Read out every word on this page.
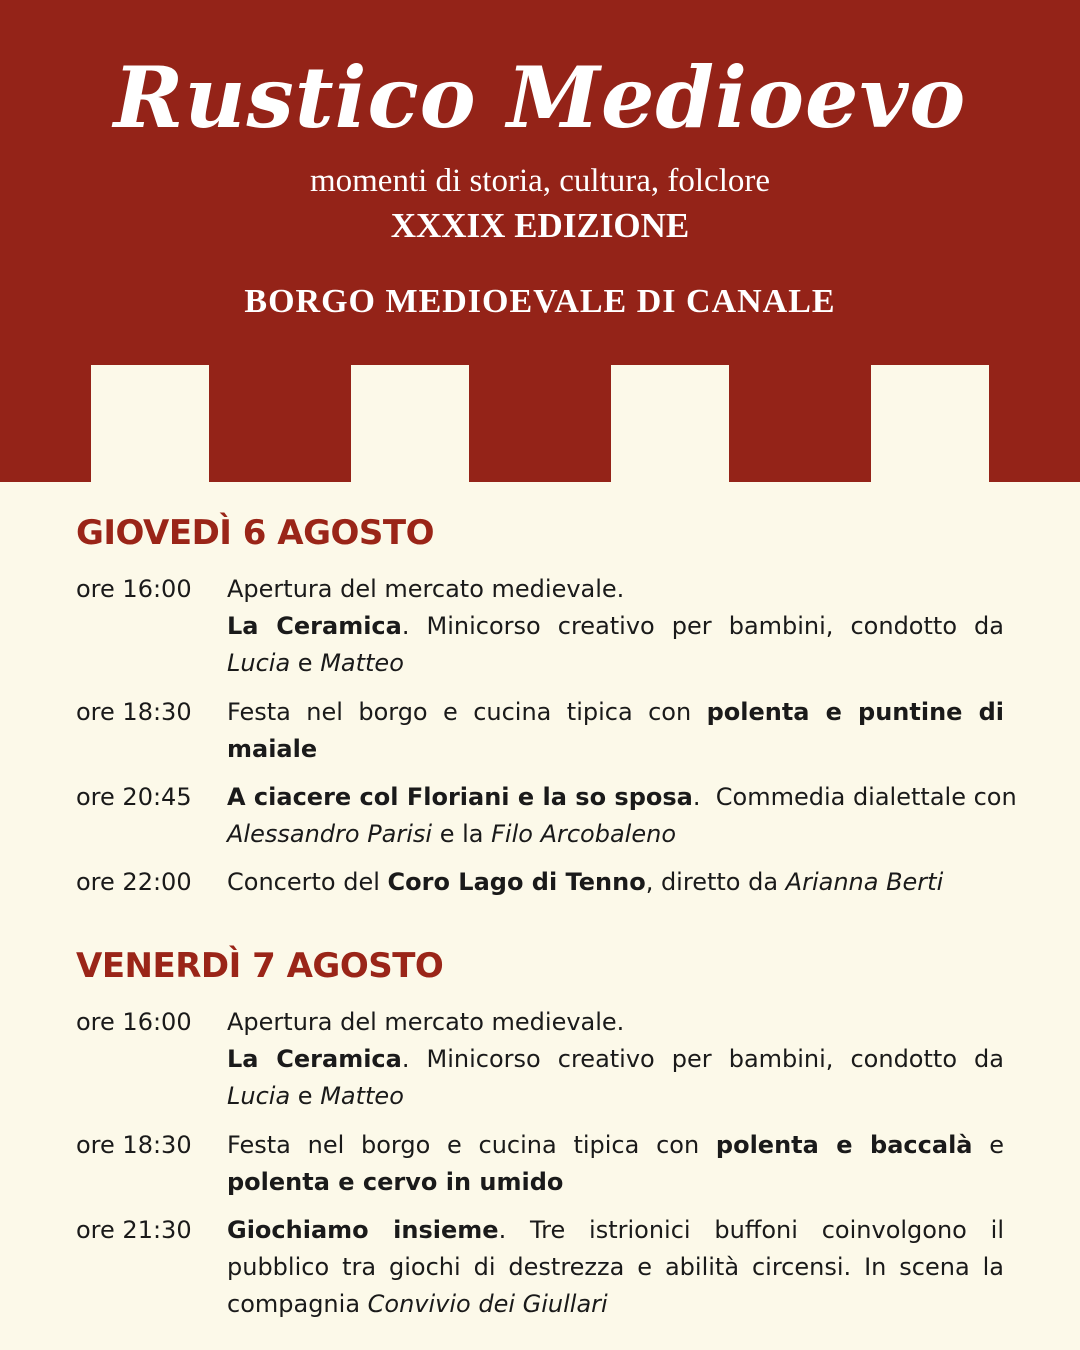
Rustico Medioevo
momenti di storia, cultura, folclore
XXXIX EDIZIONE
BORGO MEDIOEVALE DI CANALE
GIOVEDÌ 6 AGOSTO
ore 16:00	Apertura del mercato medievale.
La Ceramica. Minicorso creativo per bambini, condotto da
Lucia e Matteo
ore 18:30	Festa nel borgo e cucina tipica con polenta e puntine di
maiale
ore 20:45	A ciacere col Floriani e la so sposa.  Commedia dialettale con
Alessandro Parisi e la Filo Arcobaleno
ore 22:00	Concerto del Coro Lago di Tenno, diretto da Arianna Berti
VENERDÌ 7 AGOSTO
ore 16:00	Apertura del mercato medievale.
La Ceramica. Minicorso creativo per bambini, condotto da
Lucia e Matteo
ore 18:30	Festa nel borgo e cucina tipica con polenta e baccalà e
polenta e cervo in umido
ore 21:30	Giochiamo insieme. Tre istrionici buffoni coinvolgono il
pubblico tra giochi di destrezza e abilità circensi. In scena la
compagnia Convivio dei Giullari
